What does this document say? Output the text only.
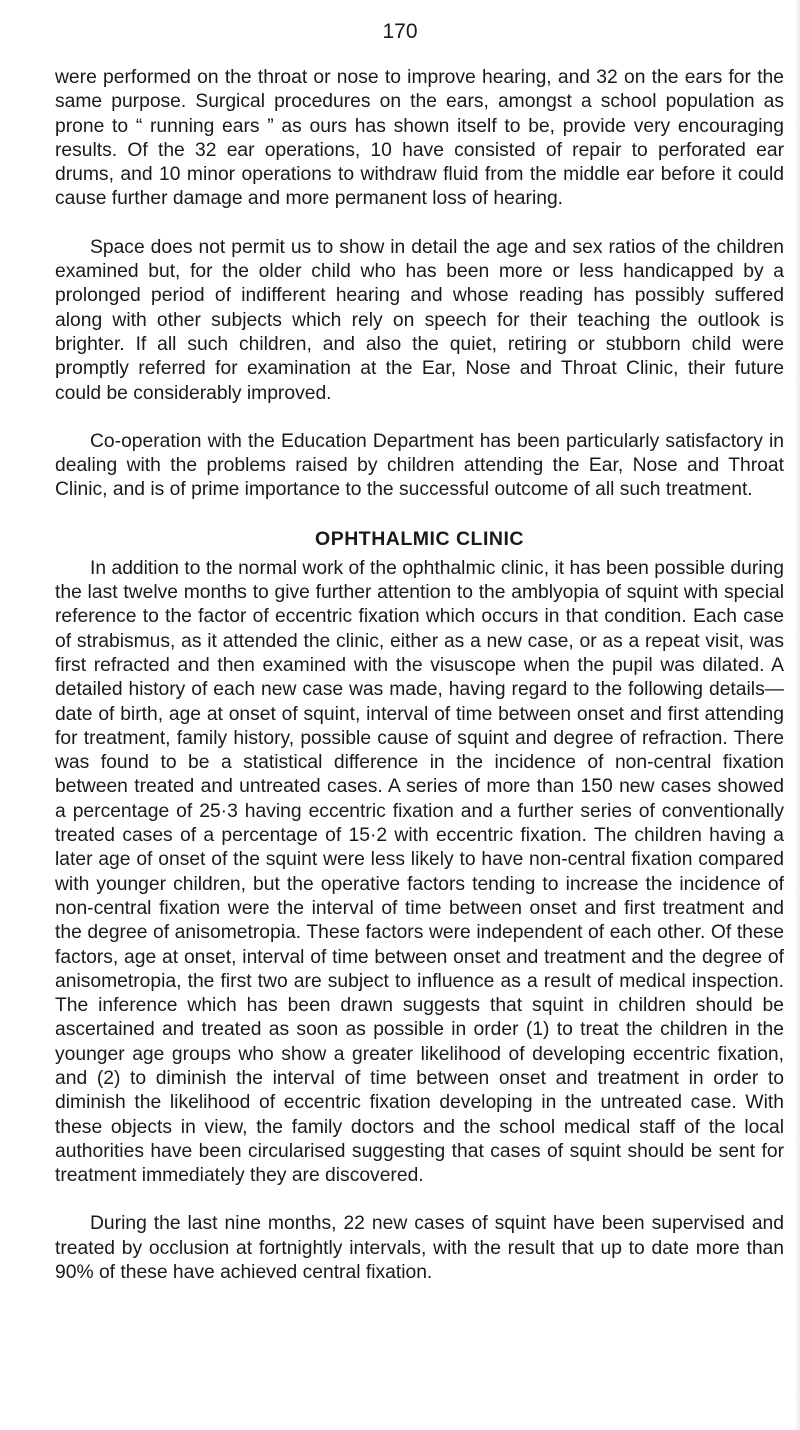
170

were performed on the throat or nose to improve hearing, and 32 on the ears for the same purpose. Surgical procedures on the ears, amongst a school population as prone to “ running ears ” as ours has shown itself to be, provide very encouraging results. Of the 32 ear operations, 10 have consisted of repair to perforated ear drums, and 10 minor operations to withdraw fluid from the middle ear before it could cause further damage and more permanent loss of hearing.

Space does not permit us to show in detail the age and sex ratios of the children examined but, for the older child who has been more or less handicapped by a prolonged period of indifferent hearing and whose reading has possibly suffered along with other subjects which rely on speech for their teaching the outlook is brighter. If all such children, and also the quiet, retiring or stubborn child were promptly referred for examination at the Ear, Nose and Throat Clinic, their future could be considerably improved.

Co-operation with the Education Department has been particularly satisfactory in dealing with the problems raised by children attending the Ear, Nose and Throat Clinic, and is of prime importance to the successful outcome of all such treatment.

OPHTHALMIC CLINIC

In addition to the normal work of the ophthalmic clinic, it has been possible during the last twelve months to give further attention to the amblyopia of squint with special reference to the factor of eccentric fixation which occurs in that condition. Each case of strabismus, as it attended the clinic, either as a new case, or as a repeat visit, was first refracted and then examined with the visuscope when the pupil was dilated. A detailed history of each new case was made, having regard to the following details—date of birth, age at onset of squint, interval of time between onset and first attending for treatment, family history, possible cause of squint and degree of refraction. There was found to be a statistical difference in the incidence of non-central fixation between treated and untreated cases. A series of more than 150 new cases showed a percentage of 25·3 having eccentric fixation and a further series of conventionally treated cases of a percentage of 15·2 with eccentric fixation. The children having a later age of onset of the squint were less likely to have non-central fixation compared with younger children, but the operative factors tending to increase the incidence of non-central fixation were the interval of time between onset and first treatment and the degree of anisometropia. These factors were independent of each other. Of these factors, age at onset, interval of time between onset and treatment and the degree of anisometropia, the first two are subject to influence as a result of medical inspection. The inference which has been drawn suggests that squint in children should be ascertained and treated as soon as possible in order (1) to treat the children in the younger age groups who show a greater likelihood of developing eccentric fixation, and (2) to diminish the interval of time between onset and treatment in order to diminish the likelihood of eccentric fixation developing in the untreated case. With these objects in view, the family doctors and the school medical staff of the local authorities have been circularised suggesting that cases of squint should be sent for treatment immediately they are discovered.

During the last nine months, 22 new cases of squint have been supervised and treated by occlusion at fortnightly intervals, with the result that up to date more than 90% of these have achieved central fixation.
